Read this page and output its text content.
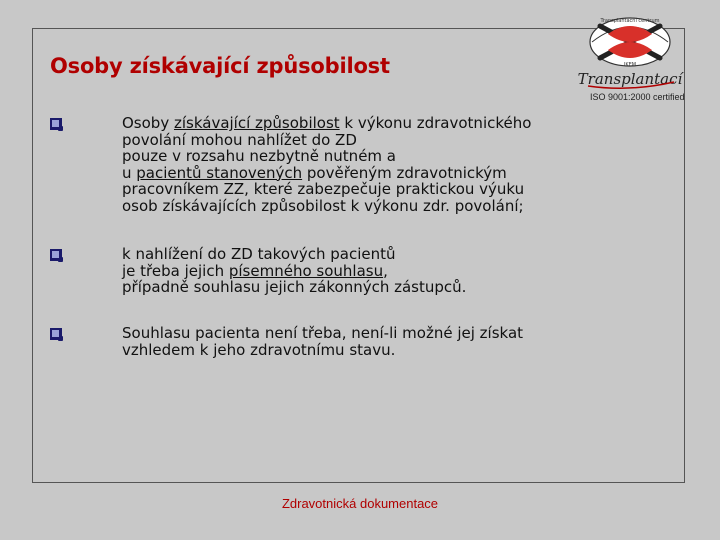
Osoby získávající způsobilost
Transplantační centrum
IKEM
Transplantací
ISO 9001:2000 certified
Osoby získávající způsobilost k výkonu zdravotnického
povolání mohou nahlížet do ZD
pouze v rozsahu nezbytně nutném a
u pacientů stanovených pověřeným zdravotnickým
pracovníkem ZZ, které zabezpečuje praktickou výuku
osob získávajících způsobilost k výkonu zdr. povolání;
k nahlížení do ZD takových pacientů
je třeba jejich písemného souhlasu,
případně souhlasu jejich zákonných zástupců.
Souhlasu pacienta není třeba, není-li možné jej získat
vzhledem k jeho zdravotnímu stavu.
Zdravotnická dokumentace
